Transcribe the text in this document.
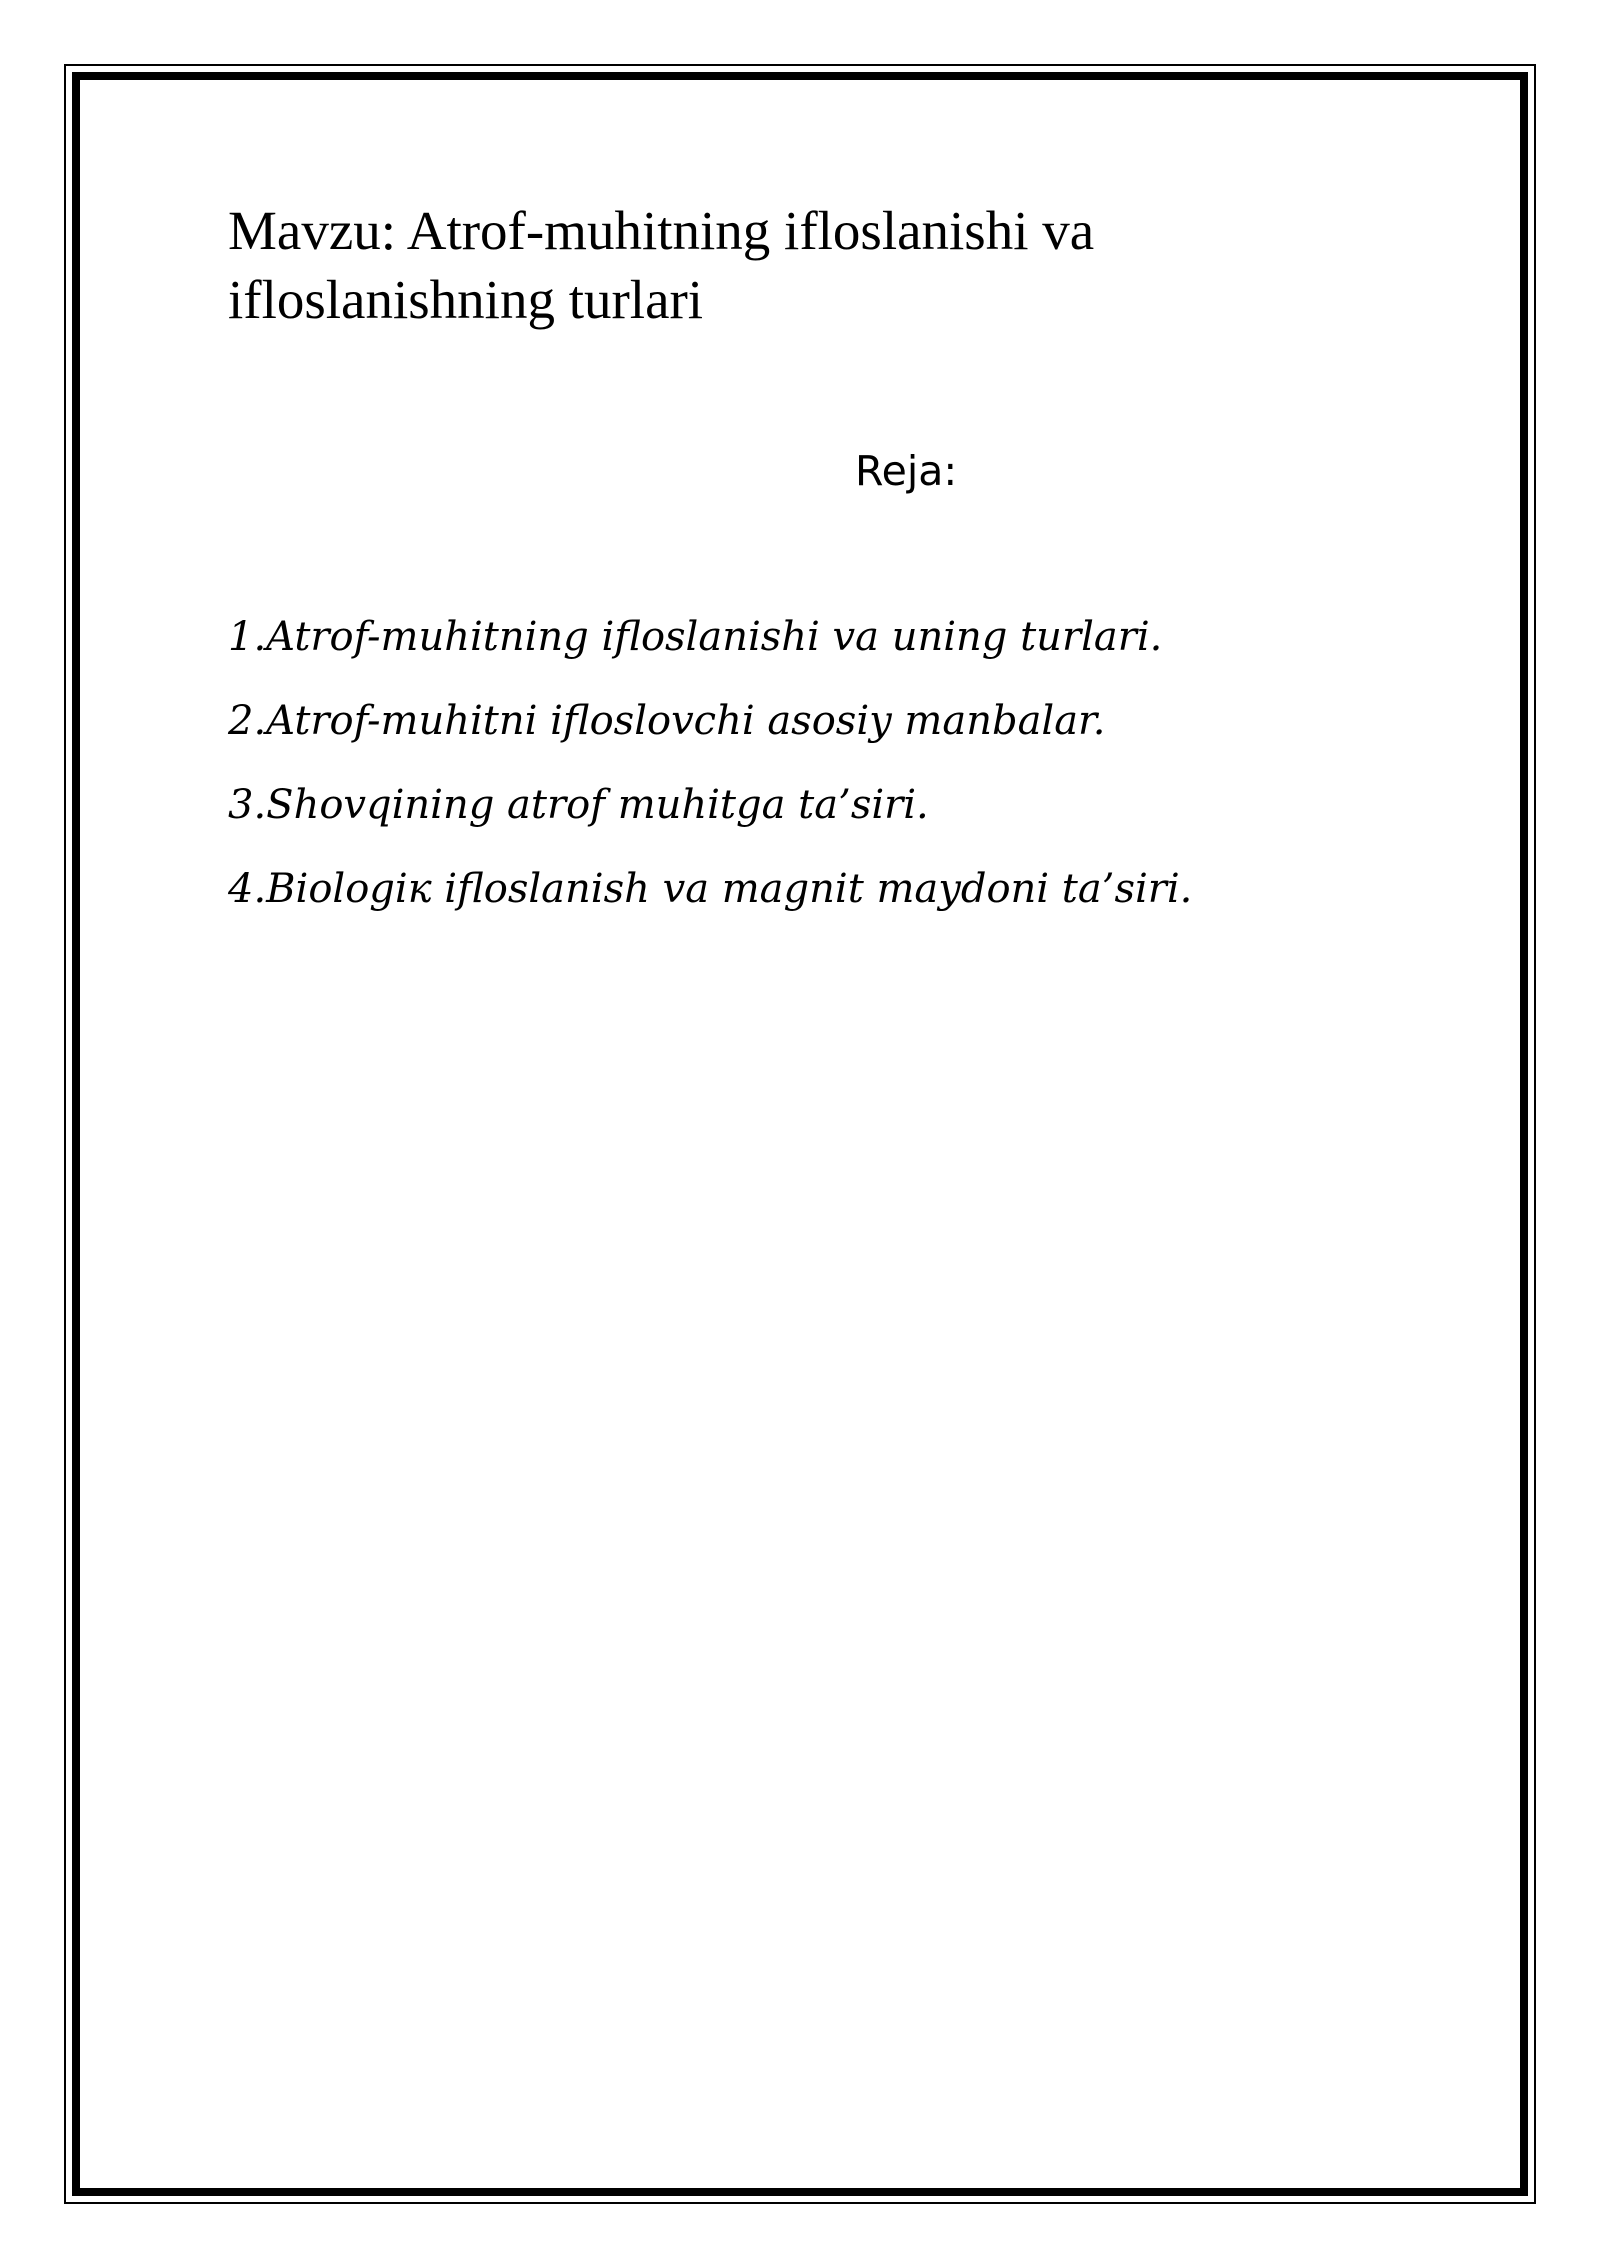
Mavzu: Atrof-muhitning ifloslanishi va ifloslanishning turlari
Reja:
1.Atrof-muhitning ifloslanishi va uning turlari.
2.Atrof-muhitni ifloslovchi asosiy manbalar.
3.Shovqining atrof muhitga ta’siri.
4.Biologiк ifloslanish va magnit maydoni ta’siri.
